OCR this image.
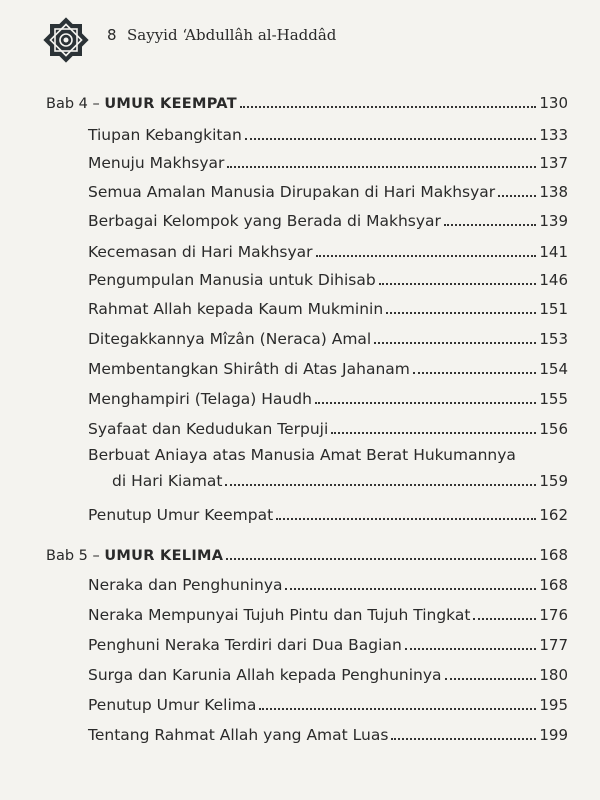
8 Sayyid ‘Abdullâh al-Haddâd
Bab 4 – UMUR KEEMPAT	130
Tiupan Kebangkitan	133
Menuju Makhsyar	137
Semua Amalan Manusia Dirupakan di Hari Makhsyar	138
Berbagai Kelompok yang Berada di Makhsyar	139
Kecemasan di Hari Makhsyar	141
Pengumpulan Manusia untuk Dihisab	146
Rahmat Allah kepada Kaum Mukminin	151
Ditegakkannya Mîzân (Neraca) Amal	153
Membentangkan Shirâth di Atas Jahanam	154
Menghampiri (Telaga) Haudh	155
Syafaat dan Kedudukan Terpuji	156
Berbuat Aniaya atas Manusia Amat Berat Hukumannya
di Hari Kiamat	159
Penutup Umur Keempat	162
Bab 5 – UMUR KELIMA	168
Neraka dan Penghuninya	168
Neraka Mempunyai Tujuh Pintu dan Tujuh Tingkat	176
Penghuni Neraka Terdiri dari Dua Bagian	177
Surga dan Karunia Allah kepada Penghuninya	180
Penutup Umur Kelima	195
Tentang Rahmat Allah yang Amat Luas	199
